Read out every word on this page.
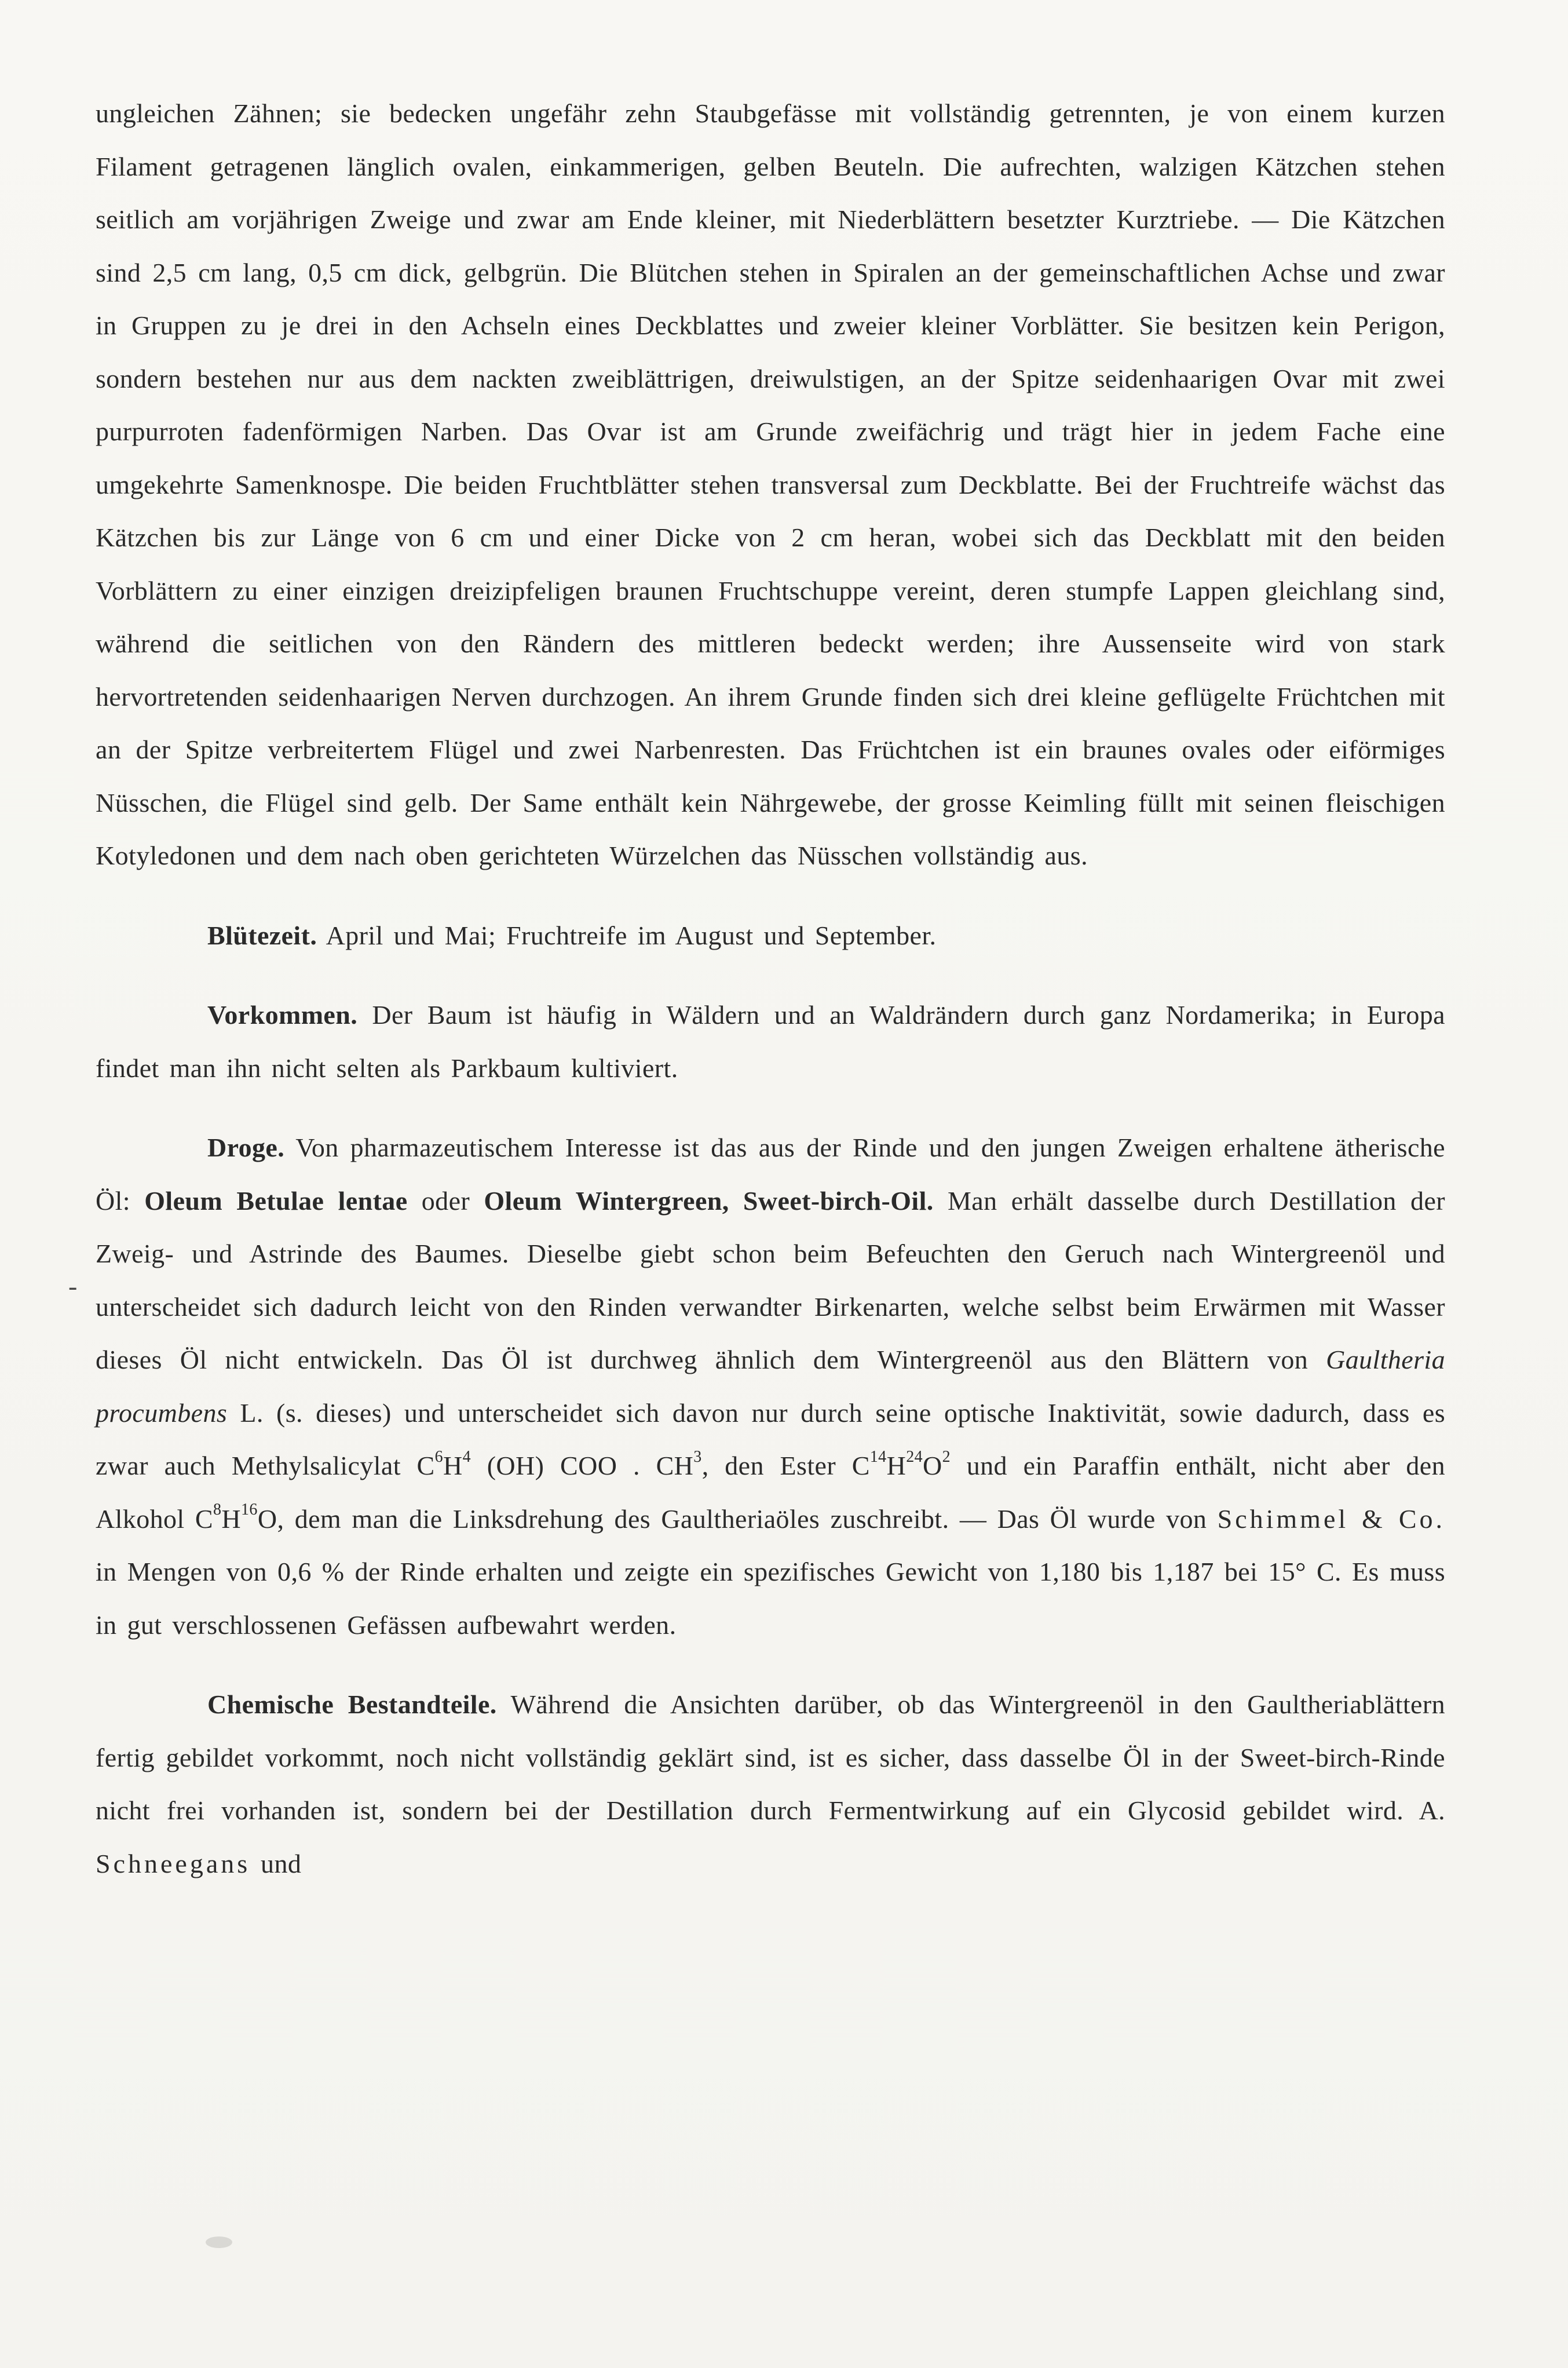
ungleichen Zähnen; sie bedecken ungefähr zehn Staubgefässe mit vollständig getrennten, je von einem kurzen Filament getragenen länglich ovalen, einkammerigen, gelben Beuteln. Die aufrechten, walzigen Kätzchen stehen seitlich am vorjährigen Zweige und zwar am Ende kleiner, mit Niederblättern besetzter Kurztriebe. — Die Kätzchen sind 2,5 cm lang, 0,5 cm dick, gelbgrün. Die Blütchen stehen in Spiralen an der gemeinschaftlichen Achse und zwar in Gruppen zu je drei in den Achseln eines Deckblattes und zweier kleiner Vorblätter. Sie besitzen kein Perigon, sondern bestehen nur aus dem nackten zweiblättrigen, dreiwulstigen, an der Spitze seidenhaarigen Ovar mit zwei purpurroten fadenförmigen Narben. Das Ovar ist am Grunde zweifächrig und trägt hier in jedem Fache eine umgekehrte Samenknospe. Die beiden Fruchtblätter stehen transversal zum Deckblatte. Bei der Fruchtreife wächst das Kätzchen bis zur Länge von 6 cm und einer Dicke von 2 cm heran, wobei sich das Deckblatt mit den beiden Vorblättern zu einer einzigen dreizipfeligen braunen Fruchtschuppe vereint, deren stumpfe Lappen gleichlang sind, während die seitlichen von den Rändern des mittleren bedeckt werden; ihre Aussenseite wird von stark hervortretenden seidenhaarigen Nerven durchzogen. An ihrem Grunde finden sich drei kleine geflügelte Früchtchen mit an der Spitze verbreitertem Flügel und zwei Narbenresten. Das Früchtchen ist ein braunes ovales oder eiförmiges Nüsschen, die Flügel sind gelb. Der Same enthält kein Nährgewebe, der grosse Keimling füllt mit seinen fleischigen Kotyledonen und dem nach oben gerichteten Würzelchen das Nüsschen vollständig aus.

Blütezeit. April und Mai; Fruchtreife im August und September.

Vorkommen. Der Baum ist häufig in Wäldern und an Waldrändern durch ganz Nordamerika; in Europa findet man ihn nicht selten als Parkbaum kultiviert.

Droge. Von pharmazeutischem Interesse ist das aus der Rinde und den jungen Zweigen erhaltene ätherische Öl: Oleum Betulae lentae oder Oleum Wintergreen, Sweet-birch-Oil. Man erhält dasselbe durch Destillation der Zweig- und Astrinde des Baumes. Dieselbe giebt schon beim Befeuchten den Geruch nach Wintergreenöl und unterscheidet sich dadurch leicht von den Rinden verwandter Birkenarten, welche selbst beim Erwärmen mit Wasser dieses Öl nicht entwickeln. Das Öl ist durchweg ähnlich dem Wintergreenöl aus den Blättern von Gaultheria procumbens L. (s. dieses) und unterscheidet sich davon nur durch seine optische Inaktivität, sowie dadurch, dass es zwar auch Methylsalicylat $C^6H^4$ (OH) COO . $CH^3$, den Ester $C^{14}H^{24}O^2$ und ein Paraffin enthält, nicht aber den Alkohol $C^8H^{16}O$, dem man die Linksdrehung des Gaultheriaöles zuschreibt. — Das Öl wurde von Schimmel & Co. in Mengen von 0,6 % der Rinde erhalten und zeigte ein spezifisches Gewicht von 1,180 bis 1,187 bei 15° C. Es muss in gut verschlossenen Gefässen aufbewahrt werden.

Chemische Bestandteile. Während die Ansichten darüber, ob das Wintergreenöl in den Gaultheriablättern fertig gebildet vorkommt, noch nicht vollständig geklärt sind, ist es sicher, dass dasselbe Öl in der Sweet-birch-Rinde nicht frei vorhanden ist, sondern bei der Destillation durch Fermentwirkung auf ein Glycosid gebildet wird. A. Schneegans und

-
